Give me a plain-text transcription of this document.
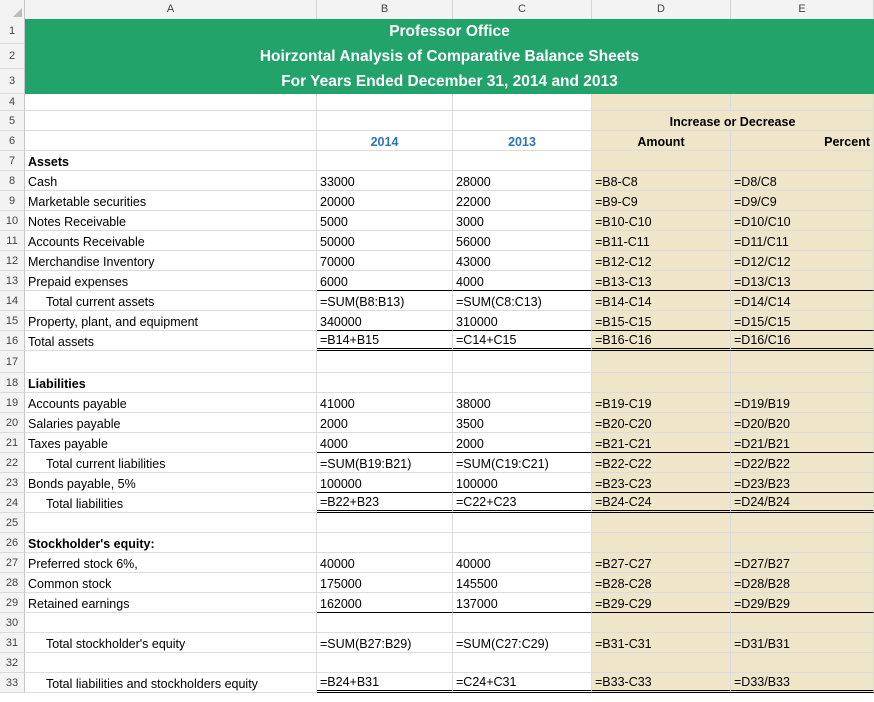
A	B	C	D	E
1
2
3
4
5	Increase or Decrease
6	2014	2013	Amount	Percent
7	Assets
8	Cash	33000	28000	=B8-C8	=D8/C8
9	Marketable securities	20000	22000	=B9-C9	=D9/C9
10 Notes Receivable	5000	3000	=B10-C10	=D10/C10
11 Accounts Receivable	50000	56000	=B11-C11	=D11/C11
12 Merchandise Inventory	70000	43000	=B12-C12	=D12/C12
13 Prepaid expenses	6000	4000	=B13-C13	=D13/C13
14	Total current assets	=SUM(B8:B13)	=SUM(C8:C13)	=B14-C14	=D14/C14
15 Property, plant, and equipment	340000	310000	=B15-C15	=D15/C15
16 Total assets	=B14+B15	=C14+C15	=B16-C16	=D16/C16
17
18 Liabilities
19 Accounts payable	41000	38000	=B19-C19	=D19/B19
20 Salaries payable	2000	3500	=B20-C20	=D20/B20
21 Taxes payable	4000	2000	=B21-C21	=D21/B21
22	Total current liabilities	=SUM(B19:B21)	=SUM(C19:C21)	=B22-C22	=D22/B22
23 Bonds payable, 5%	100000	100000	=B23-C23	=D23/B23
24	Total liabilities	=B22+B23	=C22+C23	=B24-C24	=D24/B24
25
26 Stockholder's equity:
27 Preferred stock 6%,	40000	40000	=B27-C27	=D27/B27
28 Common stock	175000	145500	=B28-C28	=D28/B28
29 Retained earnings	162000	137000	=B29-C29	=D29/B29
30
31	Total stockholder's equity	=SUM(B27:B29)	=SUM(C27:C29)	=B31-C31	=D31/B31
32
33	Total liabilities and stockholders equity	=B24+B31	=C24+C31	=B33-C33	=D33/B33
Professor Office
Hoirzontal Analysis of Comparative Balance Sheets
For Years Ended December 31, 2014 and 2013
